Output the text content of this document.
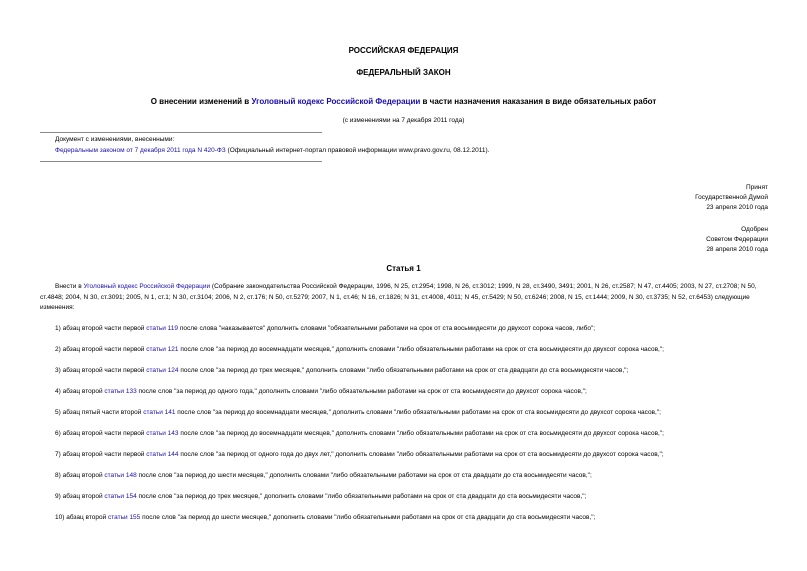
РОССИЙСКАЯ ФЕДЕРАЦИЯ
ФЕДЕРАЛЬНЫЙ ЗАКОН
О внесении изменений в Уголовный кодекс Российской Федерации в части назначения наказания в виде обязательных работ
(с изменениями на 7 декабря 2011 года)
Документ с изменениями, внесенными:
Федеральным законом от 7 декабря 2011 года N 420-ФЗ (Официальный интернет-портал правовой информации www.pravo.gov.ru, 08.12.2011).
Принят
Государственной Думой
23 апреля 2010 года
Одобрен
Советом Федерации
28 апреля 2010 года
Статья 1
Внести в Уголовный кодекс Российской Федерации (Собрание законодательства Российской Федерации, 1996, N 25, ст.2954; 1998, N 26, ст.3012; 1999, N 28, ст.3490, 3491; 2001, N 26, ст.2587; N 47, ст.4405; 2003, N 27, ст.2708; N 50, ст.4848; 2004, N 30, ст.3091; 2005, N 1, ст.1; N 30, ст.3104; 2006, N 2, ст.176; N 50, ст.5279; 2007, N 1, ст.46; N 16, ст.1826; N 31, ст.4008, 4011; N 45, ст.5429; N 50, ст.6246; 2008, N 15, ст.1444; 2009, N 30, ст.3735; N 52, ст.6453) следующие изменения:
1) абзац второй части первой статьи 119 после слова "наказывается" дополнить словами "обязательными работами на срок от ста восьмидесяти до двухсот сорока часов, либо";
2) абзац второй части первой статьи 121 после слов "за период до восемнадцати месяцев," дополнить словами "либо обязательными работами на срок от ста восьмидесяти до двухсот сорока часов,";
3) абзац второй части первой статьи 124 после слов "за период до трех месяцев," дополнить словами "либо обязательными работами на срок от ста двадцати до ста восьмидесяти часов,";
4) абзац второй статьи 133 после слов "за период до одного года," дополнить словами "либо обязательными работами на срок от ста восьмидесяти до двухсот сорока часов,";
5) абзац пятый части второй статьи 141 после слов "за период до восемнадцати месяцев," дополнить словами "либо обязательными работами на срок от ста восьмидесяти до двухсот сорока часов,";
6) абзац второй части первой статьи 143 после слов "за период до восемнадцати месяцев," дополнить словами "либо обязательными работами на срок от ста восьмидесяти до двухсот сорока часов,";
7) абзац второй части первой статьи 144 после слов "за период от одного года до двух лет," дополнить словами "либо обязательными работами на срок от ста восьмидесяти до двухсот сорока часов,";
8) абзац второй статьи 148 после слов "за период до шести месяцев," дополнить словами "либо обязательными работами на срок от ста двадцати до ста восьмидесяти часов,";
9) абзац второй статьи 154 после слов "за период до трех месяцев," дополнить словами "либо обязательными работами на срок от ста двадцати до ста восьмидесяти часов,";
10) абзац второй статьи 155 после слов "за период до шести месяцев," дополнить словами "либо обязательными работами на срок от ста двадцати до ста восьмидесяти часов,";
